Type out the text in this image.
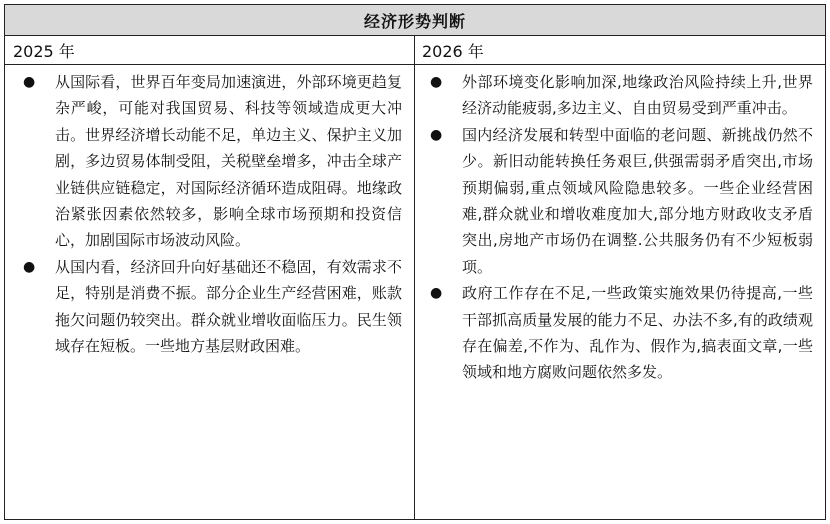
经济形势判断
2025 年	2026 年

● 从国际看，世界百年变局加速演进，外部环境更趋复杂严峻，可能对我国贸易、科技等领域造成更大冲击。世界经济增长动能不足，单边主义、保护主义加剧，多边贸易体制受阻，关税壁垒增多，冲击全球产业链供应链稳定，对国际经济循环造成阻碍。地缘政治紧张因素依然较多，影响全球市场预期和投资信心，加剧国际市场波动风险。

● 从国内看，经济回升向好基础还不稳固，有效需求不足，特别是消费不振。部分企业生产经营困难，账款拖欠问题仍较突出。群众就业增收面临压力。民生领域存在短板。一些地方基层财政困难。

● 外部环境变化影响加深,地缘政治风险持续上升,世界经济动能疲弱,多边主义、自由贸易受到严重冲击。

● 国内经济发展和转型中面临的老问题、新挑战仍然不少。新旧动能转换任务艰巨,供强需弱矛盾突出,市场预期偏弱,重点领域风险隐患较多。一些企业经营困难,群众就业和增收难度加大,部分地方财政收支矛盾突出,房地产市场仍在调整.公共服务仍有不少短板弱项。

● 政府工作存在不足,一些政策实施效果仍待提高,一些干部抓高质量发展的能力不足、办法不多,有的政绩观存在偏差,不作为、乱作为、假作为,搞表面文章,一些领域和地方腐败问题依然多发。
